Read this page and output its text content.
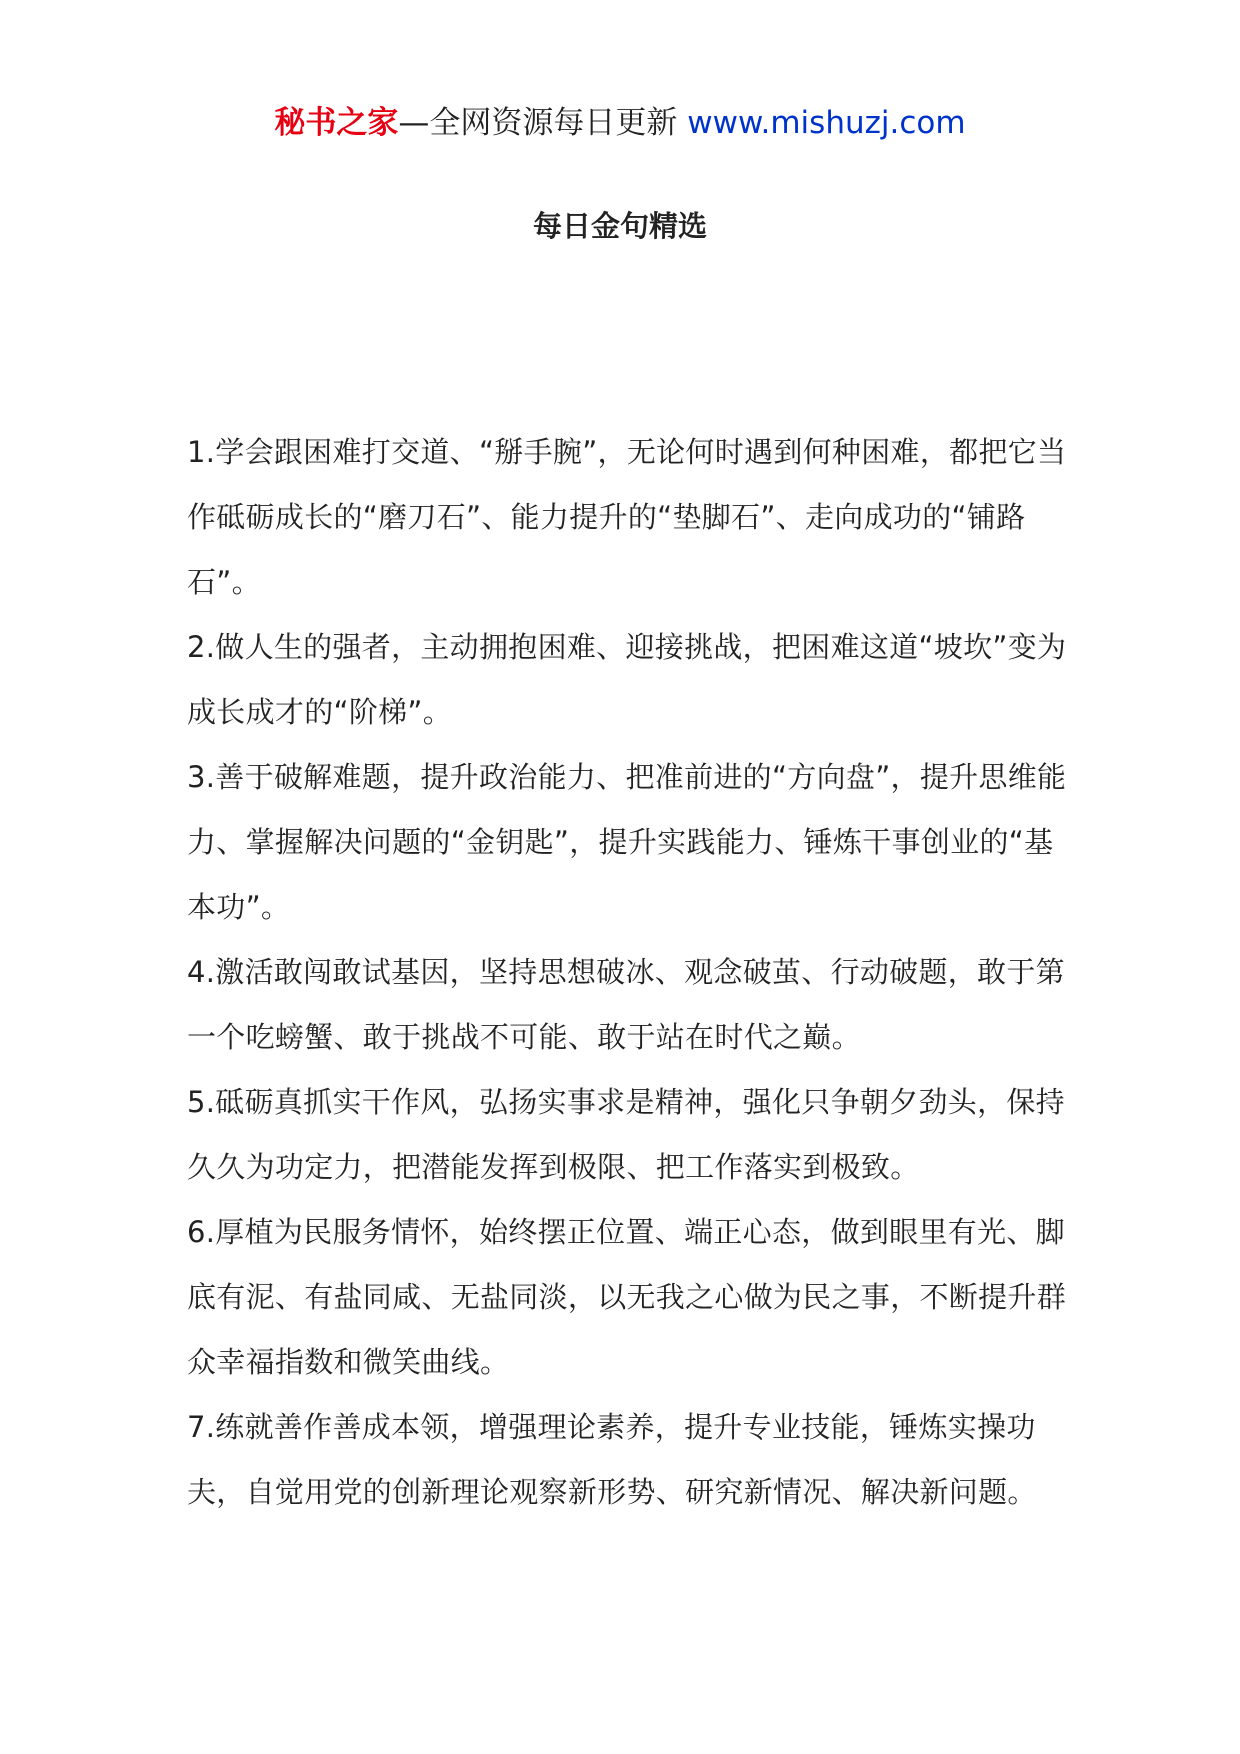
秘书之家—全网资源每日更新 www.mishuzj.com
每日金句精选

1.学会跟困难打交道、“掰手腕”，无论何时遇到何种困难，都把它当作砥砺成长的“磨刀石”、能力提升的“垫脚石”、走向成功的“铺路石”。

2.做人生的强者，主动拥抱困难、迎接挑战，把困难这道“坡坎”变为成长成才的“阶梯”。

3.善于破解难题，提升政治能力、把准前进的“方向盘”，提升思维能力、掌握解决问题的“金钥匙”，提升实践能力、锤炼干事创业的“基本功”。

4.激活敢闯敢试基因，坚持思想破冰、观念破茧、行动破题，敢于第一个吃螃蟹、敢于挑战不可能、敢于站在时代之巅。

5.砥砺真抓实干作风，弘扬实事求是精神，强化只争朝夕劲头，保持久久为功定力，把潜能发挥到极限、把工作落实到极致。

6.厚植为民服务情怀，始终摆正位置、端正心态，做到眼里有光、脚底有泥、有盐同咸、无盐同淡，以无我之心做为民之事，不断提升群众幸福指数和微笑曲线。

7.练就善作善成本领，增强理论素养，提升专业技能，锤炼实操功夫，自觉用党的创新理论观察新形势、研究新情况、解决新问题。
